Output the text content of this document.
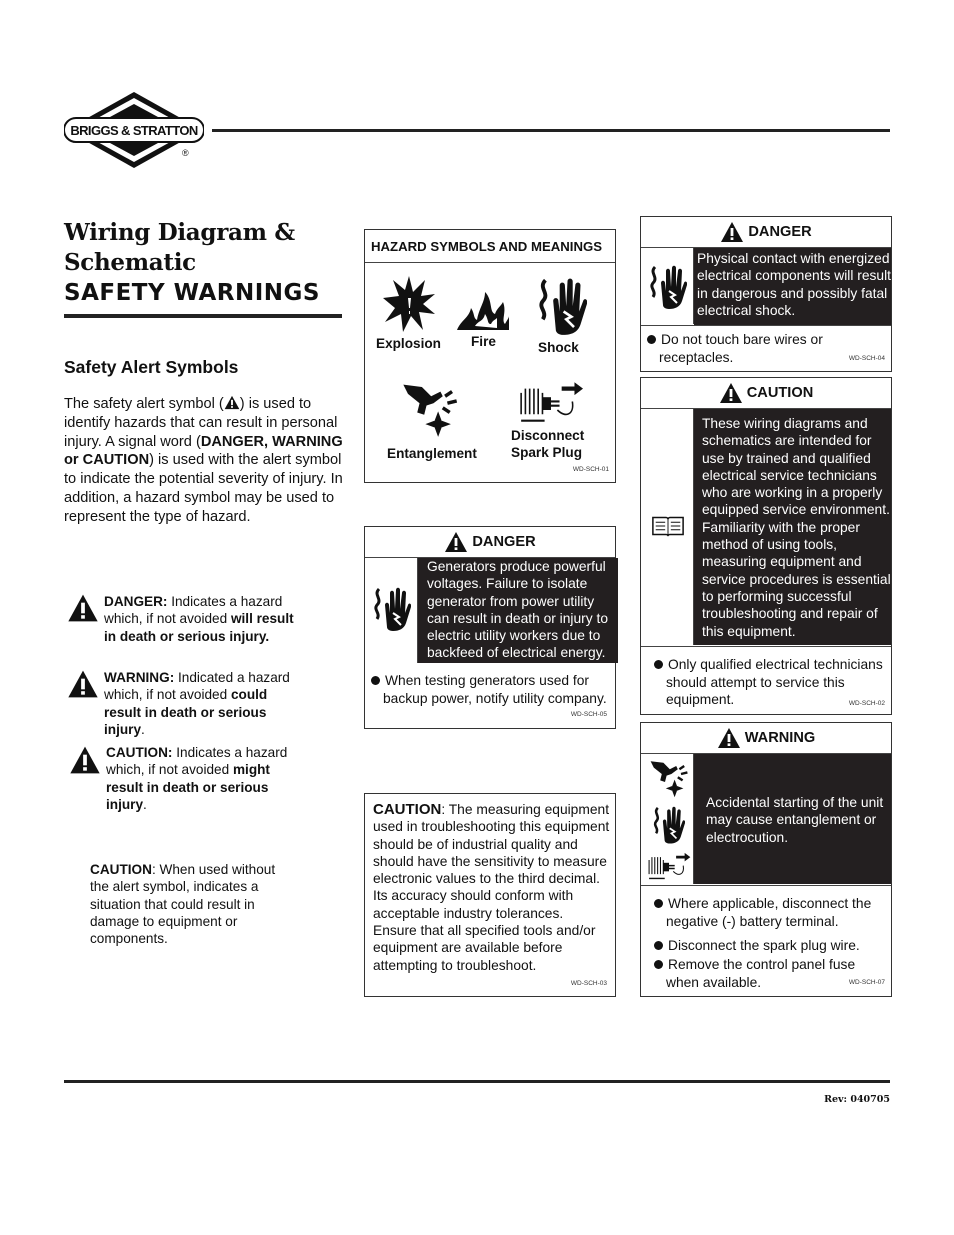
BRIGGS & STRATTON
®
Wiring Diagram &
Schematic
SAFETY WARNINGS
Safety Alert Symbols
The safety alert symbol ( ) is used to identify hazards that can result in personal injury. A signal word (DANGER, WARNING or CAUTION) is used with the alert symbol to indicate the potential severity of injury. In addition, a hazard symbol may be used to represent the type of hazard.
DANGER: Indicates a hazard which, if not avoided will result in death or serious injury.
WARNING: Indicated a hazard which, if not avoided could result in death or serious injury.
CAUTION: Indicates a hazard which, if not avoided might result in death or serious injury.
CAUTION: When used without the alert symbol, indicates a situation that could result in damage to equipment or components.
HAZARD SYMBOLS AND MEANINGS
Explosion Fire	Shock
Entanglement
Disconnect
Spark Plug
WD-SCH-01
DANGER
Generators produce powerful voltages. Failure to isolate generator from power utility can result in death or injury to electric utility workers due to backfeed of electrical energy.
When testing generators used for backup power, notify utility company.
WD-SCH-05
CAUTION: The measuring equipment used in troubleshooting this equipment should be of industrial quality and should have the sensitivity to measure electronic values to the third decimal. Its accuracy should conform with acceptable industry tolerances. Ensure that all specified tools and/or equipment are available before attempting to troubleshoot.
WD-SCH-03
DANGER
Physical contact with energized electrical components will result in dangerous and possibly fatal electrical shock.
Do not touch bare wires or receptacles.	WD-SCH-04
CAUTION
These wiring diagrams and schematics are intended for use by trained and qualified electrical service technicians who are working in a properly equipped service environment. Familiarity with the proper method of using tools, measuring equipment and service procedures is essential to performing successful troubleshooting and repair of this equipment.
Only qualified electrical technicians should attempt to service this equipment.	WD-SCH-02
WARNING
Accidental starting of the unit may cause entanglement or electrocution.
Where applicable, disconnect the negative (-) battery terminal.
Disconnect the spark plug wire.
Remove the control panel fuse when available.	WD-SCH-07
Rev: 040705
